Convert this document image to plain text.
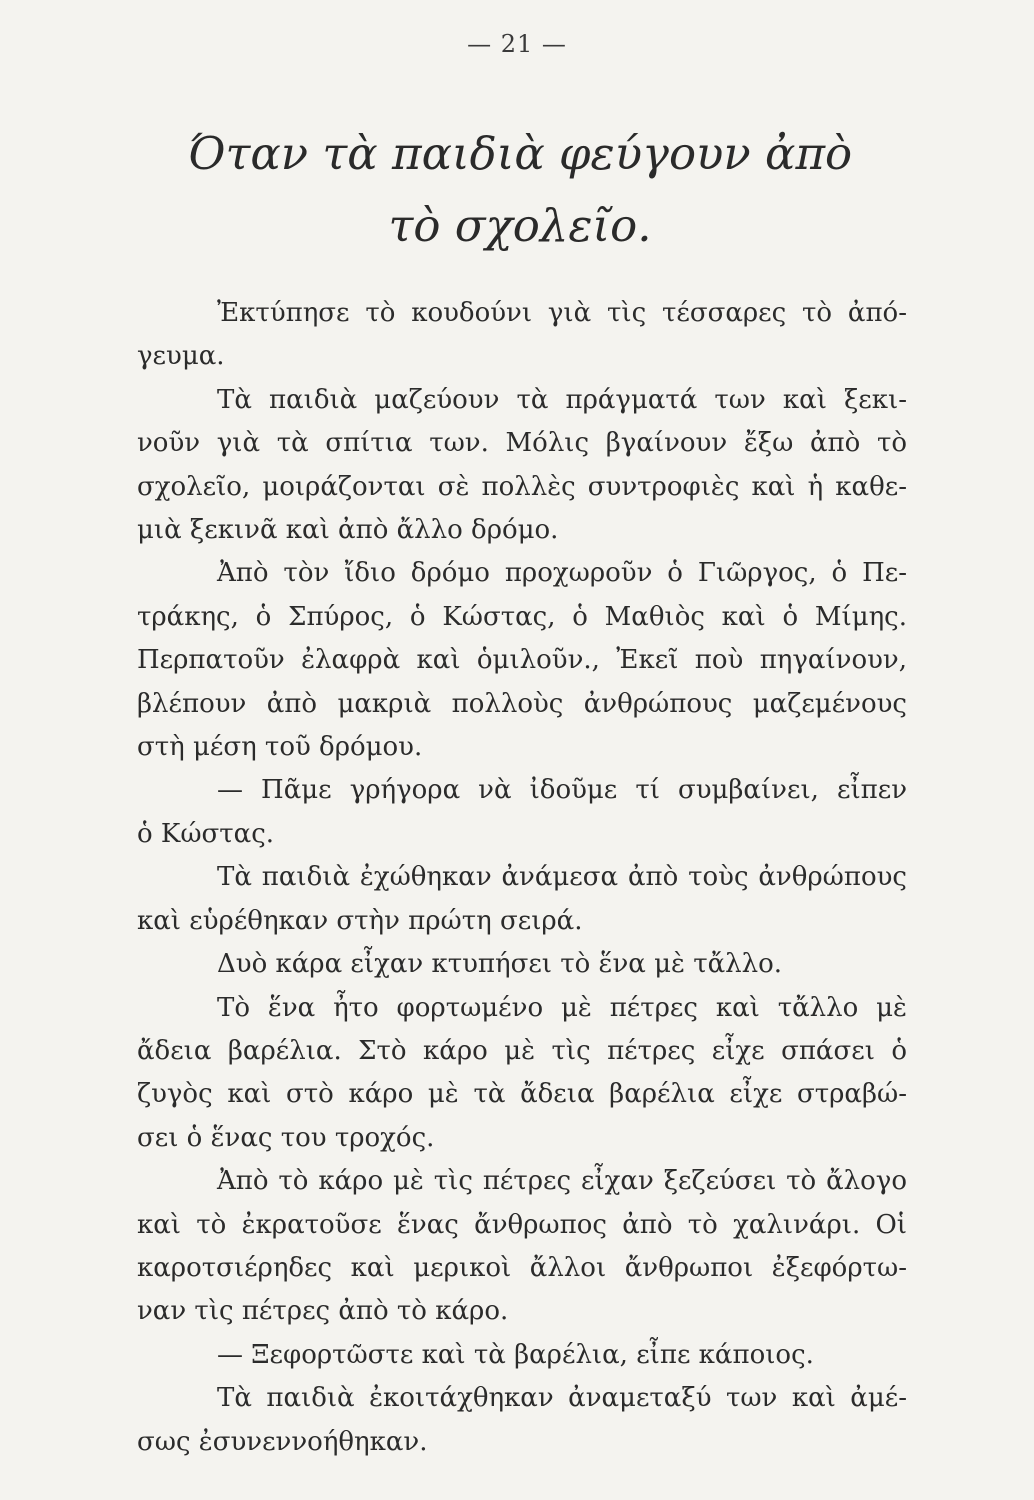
— 21 —
Όταν τὰ παιδιὰ φεύγουν ἀπὸ
τὸ σχολεῖο.
Ἐκτύπησε τὸ κουδούνι γιὰ τὶς τέσσαρες τὸ ἀπό-
γευμα.
Τὰ παιδιὰ μαζεύουν τὰ πράγματά των καὶ ξεκι-
νοῦν γιὰ τὰ σπίτια των. Μόλις βγαίνουν ἔξω ἀπὸ τὸ
σχολεῖο, μοιράζονται σὲ πολλὲς συντροφιὲς καὶ ἡ καθε-
μιὰ ξεκινᾶ καὶ ἀπὸ ἄλλο δρόμο.
Ἀπὸ τὸν ἴδιο δρόμο προχωροῦν ὁ Γιῶργος, ὁ Πε-
τράκης, ὁ Σπύρος, ὁ Κώστας, ὁ Μαθιὸς καὶ ὁ Μίμης.
Περπατοῦν ἐλαφρὰ καὶ ὁμιλοῦν., Ἐκεῖ ποὺ πηγαίνουν,
βλέπουν ἀπὸ μακριὰ πολλοὺς ἀνθρώπους μαζεμένους
στὴ μέση τοῦ δρόμου.
— Πᾶμε γρήγορα νὰ ἰδοῦμε τί συμβαίνει, εἶπεν
ὁ Κώστας.
Τὰ παιδιὰ ἐχώθηκαν ἀνάμεσα ἀπὸ τοὺς ἀνθρώπους
καὶ εὑρέθηκαν στὴν πρώτη σειρά.
Δυὸ κάρα εἶχαν κτυπήσει τὸ ἕνα μὲ τἄλλο.
Τὸ ἕνα ἦτο φορτωμένο μὲ πέτρες καὶ τἄλλο μὲ
ἄδεια βαρέλια. Στὸ κάρο μὲ τὶς πέτρες εἶχε σπάσει ὁ
ζυγὸς καὶ στὸ κάρο μὲ τὰ ἄδεια βαρέλια εἶχε στραβώ-
σει ὁ ἕνας του τροχός.
Ἀπὸ τὸ κάρο μὲ τὶς πέτρες εἶχαν ξεζεύσει τὸ ἄλογο
καὶ τὸ ἐκρατοῦσε ἕνας ἄνθρωπος ἀπὸ τὸ χαλινάρι. Οἱ
καροτσιέρηδες καὶ μερικοὶ ἄλλοι ἄνθρωποι ἐξεφόρτω-
ναν τὶς πέτρες ἀπὸ τὸ κάρο.
— Ξεφορτῶστε καὶ τὰ βαρέλια, εἶπε κάποιος.
Τὰ παιδιὰ ἐκοιτάχθηκαν ἀναμεταξύ των καὶ ἀμέ-
σως ἐσυνεννοήθηκαν.
